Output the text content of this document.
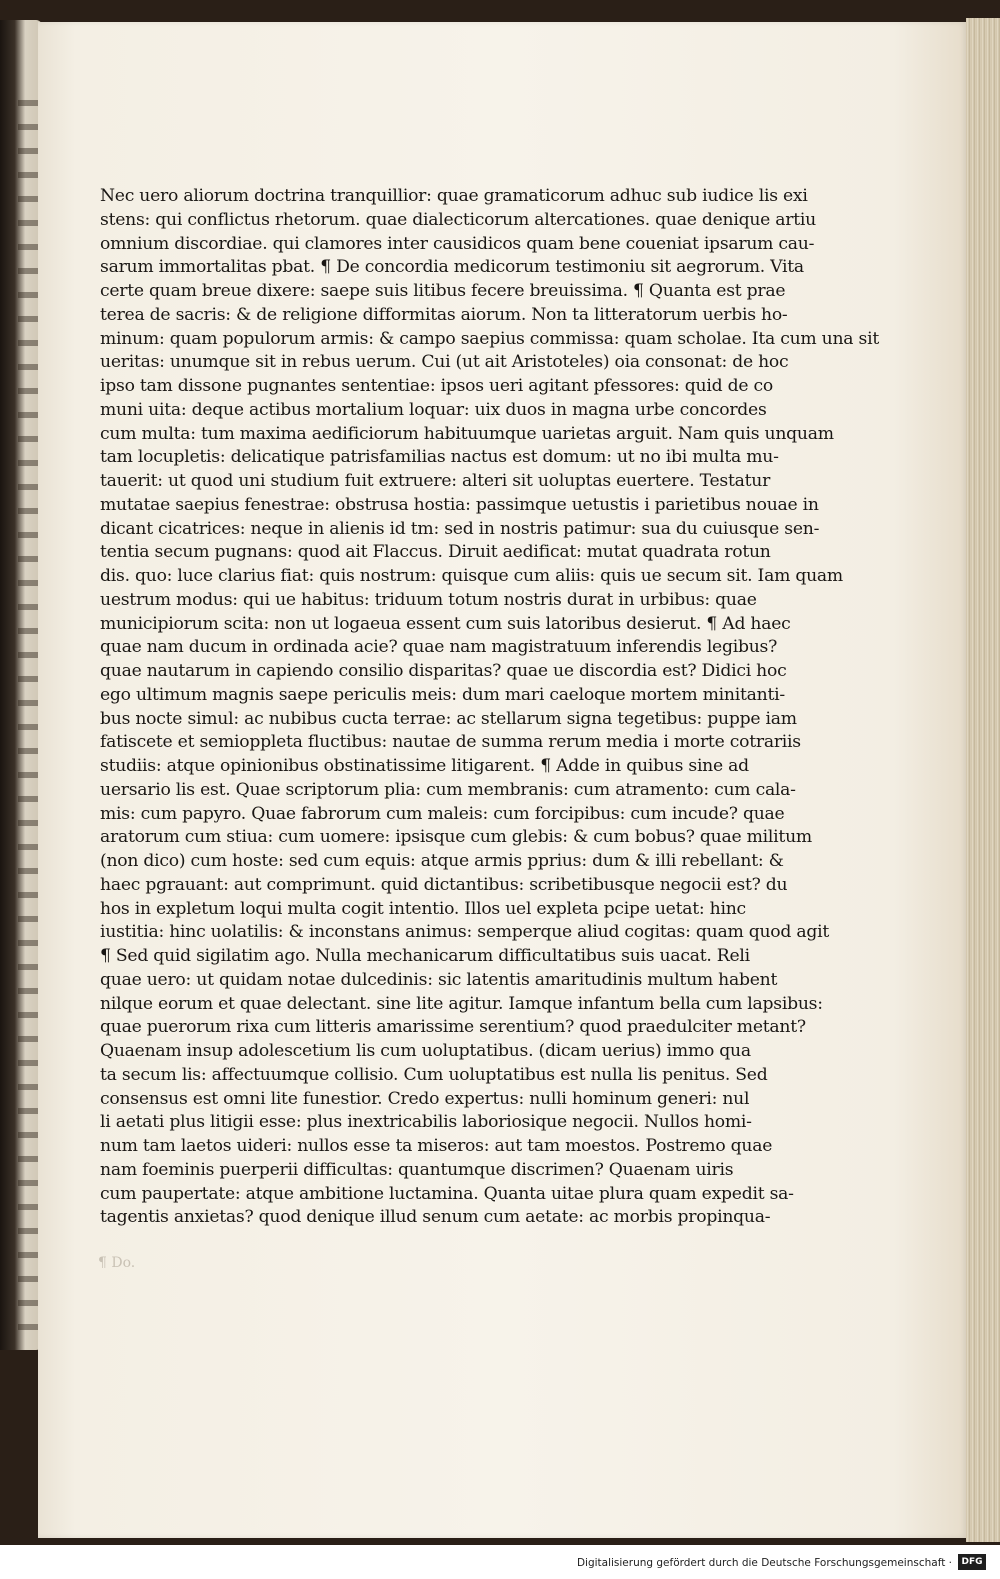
Nec uero aliorum doctrina tranquillior: quae gramaticorum adhuc sub iudice lis exi
stens: qui conflictus rhetorum. quae dialecticorum altercationes. quae denique artiu
omnium discordiae. qui clamores inter causidicos quam bene coueniat ipsarum cau-
sarum immortalitas pbat. ¶ De concordia medicorum testimoniu sit aegrorum. Vita
certe quam breue dixere: saepe suis litibus fecere breuissima. ¶ Quanta est prae
terea de sacris: & de religione difformitas aiorum. Non ta litteratorum uerbis ho-
minum: quam populorum armis: & campo saepius commissa: quam scholae. Ita cum una sit
ueritas: unumque sit in rebus uerum. Cui (ut ait Aristoteles) oia consonat: de hoc
ipso tam dissone pugnantes sententiae: ipsos ueri agitant pfessores: quid de co
muni uita: deque actibus mortalium loquar: uix duos in magna urbe concordes
cum multa: tum maxima aedificiorum habituumque uarietas arguit. Nam quis unquam
tam locupletis: delicatique patrisfamilias nactus est domum: ut no ibi multa mu-
tauerit: ut quod uni studium fuit extruere: alteri sit uoluptas euertere. Testatur
mutatae saepius fenestrae: obstrusa hostia: passimque uetustis i parietibus nouae in
dicant cicatrices: neque in alienis id tm: sed in nostris patimur: sua du cuiusque sen-
tentia secum pugnans: quod ait Flaccus. Diruit aedificat: mutat quadrata rotun
dis. quo: luce clarius fiat: quis nostrum: quisque cum aliis: quis ue secum sit. Iam quam
uestrum modus: qui ue habitus: triduum totum nostris durat in urbibus: quae
municipiorum scita: non ut logaeua essent cum suis latoribus desierut. ¶ Ad haec
quae nam ducum in ordinada acie? quae nam magistratuum inferendis legibus?
quae nautarum in capiendo consilio disparitas? quae ue discordia est? Didici hoc
ego ultimum magnis saepe periculis meis: dum mari caeloque mortem minitanti-
bus nocte simul: ac nubibus cucta terrae: ac stellarum signa tegetibus: puppe iam
fatiscete et semioppleta fluctibus: nautae de summa rerum media i morte cotrariis
studiis: atque opinionibus obstinatissime litigarent. ¶ Adde in quibus sine ad
uersario lis est. Quae scriptorum plia: cum membranis: cum atramento: cum cala-
mis: cum papyro. Quae fabrorum cum maleis: cum forcipibus: cum incude? quae
aratorum cum stiua: cum uomere: ipsisque cum glebis: & cum bobus? quae militum
(non dico) cum hoste: sed cum equis: atque armis pprius: dum & illi rebellant: &
haec pgrauant: aut comprimunt. quid dictantibus: scribetibusque negocii est? du
hos in expletum loqui multa cogit intentio. Illos uel expleta pcipe uetat: hinc
iustitia: hinc uolatilis: & inconstans animus: semperque aliud cogitas: quam quod agit
¶ Sed quid sigilatim ago. Nulla mechanicarum difficultatibus suis uacat. Reli
quae uero: ut quidam notae dulcedinis: sic latentis amaritudinis multum habent
nilque eorum et quae delectant. sine lite agitur. Iamque infantum bella cum lapsibus:
quae puerorum rixa cum litteris amarissime serentium? quod praedulciter metant?
Quaenam insup adolescetium lis cum uoluptatibus. (dicam uerius) immo qua
ta secum lis: affectuumque collisio. Cum uoluptatibus est nulla lis penitus. Sed
consensus est omni lite funestior. Credo expertus: nulli hominum generi: nul
li aetati plus litigii esse: plus inextricabilis laboriosique negocii. Nullos homi-
num tam laetos uideri: nullos esse ta miseros: aut tam moestos. Postremo quae
nam foeminis puerperii difficultas: quantumque discrimen? Quaenam uiris
cum paupertate: atque ambitione luctamina. Quanta uitae plura quam expedit sa-
tagentis anxietas? quod denique illud senum cum aetate: ac morbis propinqua-
¶ Do.
Digitalisierung gefördert durch die Deutsche Forschungsgemeinschaft ·	DFG
